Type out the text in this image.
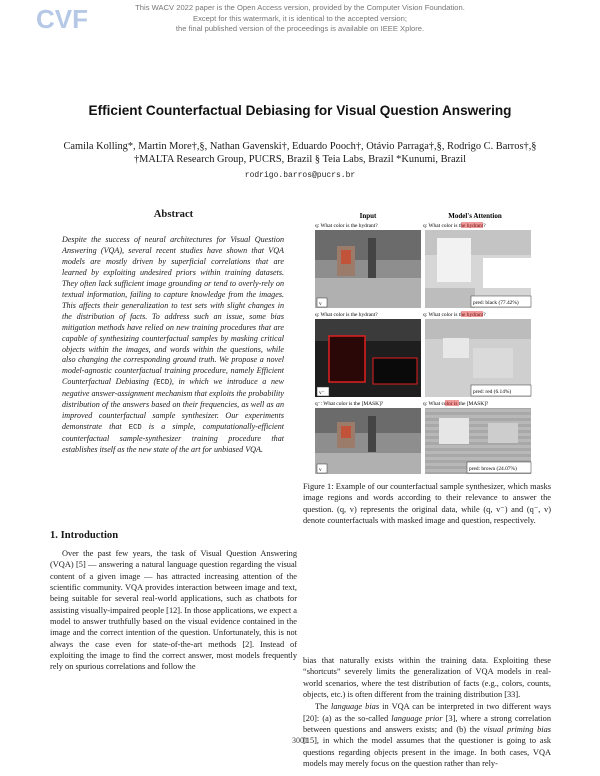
CVF	This WACV 2022 paper is the Open Access version, provided by the Computer Vision Foundation.
Except for this watermark, it is identical to the accepted version;
the final published version of the proceedings is available on IEEE Xplore.
Efficient Counterfactual Debiasing for Visual Question Answering
Camila Kolling*, Martin More†,§, Nathan Gavenski†, Eduardo Pooch†, Otávio Parraga†,§, Rodrigo C. Barros†,§
†MALTA Research Group, PUCRS, Brazil § Teia Labs, Brazil *Kunumi, Brazil
rodrigo.barros@pucrs.br
Abstract
Despite the success of neural architectures for Visual Question Answering (VQA), several recent studies have shown that VQA models are mostly driven by superficial correlations that are learned by exploiting undesired priors within training datasets. They often lack sufficient image grounding or tend to overly-rely on textual information, failing to capture knowledge from the images. This affects their generalization to test sets with slight changes in the distribution of facts. To address such an issue, some bias mitigation methods have relied on new training procedures that are capable of synthesizing counterfactual samples by masking critical objects within the images, and words within the questions, while also changing the corresponding ground truth. We propose a novel model-agnostic counterfactual training procedure, namely Efficient Counterfactual Debiasing (ECD), in which we introduce a new negative answer-assignment mechanism that exploits the probability distribution of the answers based on their frequencies, as well as an improved counterfactual sample synthesizer. Our experiments demonstrate that ECD is a simple, computationally-efficient counterfactual sample-synthesizer training procedure that establishes itself as the new state of the art for unbiased VQA.
1. Introduction

Over the past few years, the task of Visual Question Answering (VQA) [5] — answering a natural language question regarding the visual content of a given image — has attracted increasing attention of the scientific community. VQA provides interaction between image and text, being suitable for several real-world applications, such as chatbots for assisting visually-impaired people [12]. In those applications, we expect a model to answer truthfully based on the visual evidence contained in the image and the correct intention of the question. Unfortunately, this is not always the case even for state-of-the-art methods [2]. Instead of exploiting the image to find the correct answer, most models frequently rely on spurious correlations and follow the

bias that naturally exists within the training data. Exploiting these “shortcuts” severely limits the generalization of VQA models in real-world scenarios, where the test distribution of facts (e.g., colors, counts, objects, etc.) is often different from the training distribution [33].

The language bias in VQA can be interpreted in two different ways [20]: (a) as the so-called language prior [3], where a strong correlation between questions and answers exists; and (b) the visual priming bias [15], in which the model assumes that the questioner is going to ask questions regarding objects present in the image. In both cases, VQA models may merely focus on the question rather than rely-

Input	Model's Attention
q: What color is the hydrant?	q: What color is the hydrant?
v	pred: black (77.42%)
q: What color is the hydrant?	q: What color is the hydrant?
v⁻	pred: red (6.14%)
q⁻: What color is the [MASK]?	q: What color is the [MASK]?
v	pred: brown (24.07%)
Figure 1: Example of our counterfactual sample synthesizer, which masks image regions and words according to their relevance to answer the question. (q, v) represents the original data, while (q, v⁻) and (q⁻, v) denote counterfactuals with masked image and question, respectively.
3001
